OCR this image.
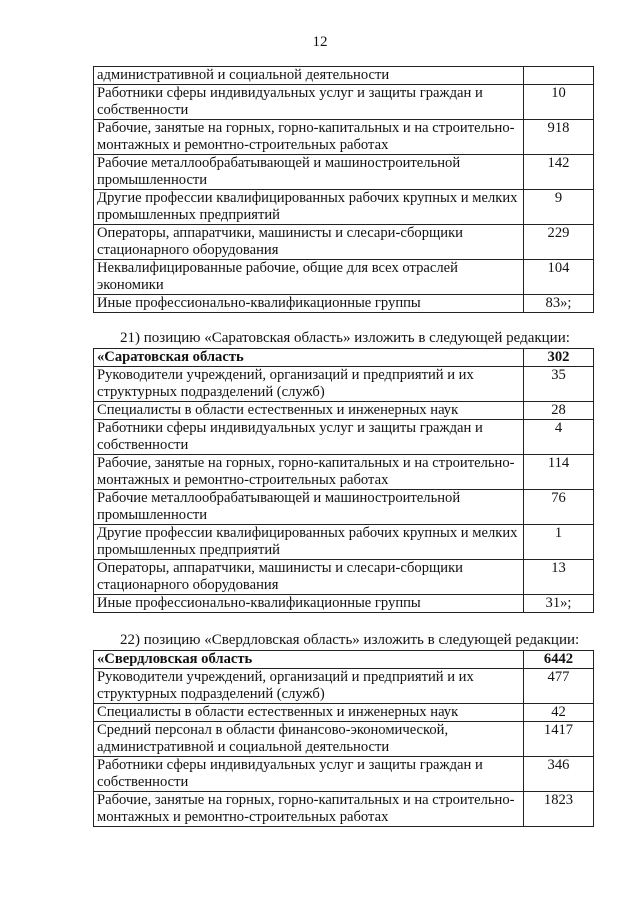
12
административной и социальной деятельности	
Работники сферы индивидуальных услуг и защиты граждан и собственности	10
Рабочие, занятые на горных, горно-капитальных и на строительно-монтажных и ремонтно-строительных работах	918
Рабочие металлообрабатывающей и машиностроительной промышленности	142
Другие профессии квалифицированных рабочих крупных и мелких промышленных предприятий	9
Операторы, аппаратчики, машинисты и слесари-сборщики стационарного оборудования	229
Неквалифицированные рабочие, общие для всех отраслей экономики	104
Иные профессионально-квалификационные группы	83»;
21) позицию «Саратовская область» изложить в следующей редакции:
«Саратовская область	302
Руководители учреждений, организаций и предприятий и их структурных подразделений (служб)	35
Специалисты в области естественных и инженерных наук	28
Работники сферы индивидуальных услуг и защиты граждан и собственности	4
Рабочие, занятые на горных, горно-капитальных и на строительно-монтажных и ремонтно-строительных работах	114
Рабочие металлообрабатывающей и машиностроительной промышленности	76
Другие профессии квалифицированных рабочих крупных и мелких промышленных предприятий	1
Операторы, аппаратчики, машинисты и слесари-сборщики стационарного оборудования	13
Иные профессионально-квалификационные группы	31»;
22) позицию «Свердловская область» изложить в следующей редакции:
«Свердловская область	6442
Руководители учреждений, организаций и предприятий и их структурных подразделений (служб)	477
Специалисты в области естественных и инженерных наук	42
Средний персонал в области финансово-экономической, административной и социальной деятельности	1417
Работники сферы индивидуальных услуг и защиты граждан и собственности	346
Рабочие, занятые на горных, горно-капитальных и на строительно-монтажных и ремонтно-строительных работах	1823
